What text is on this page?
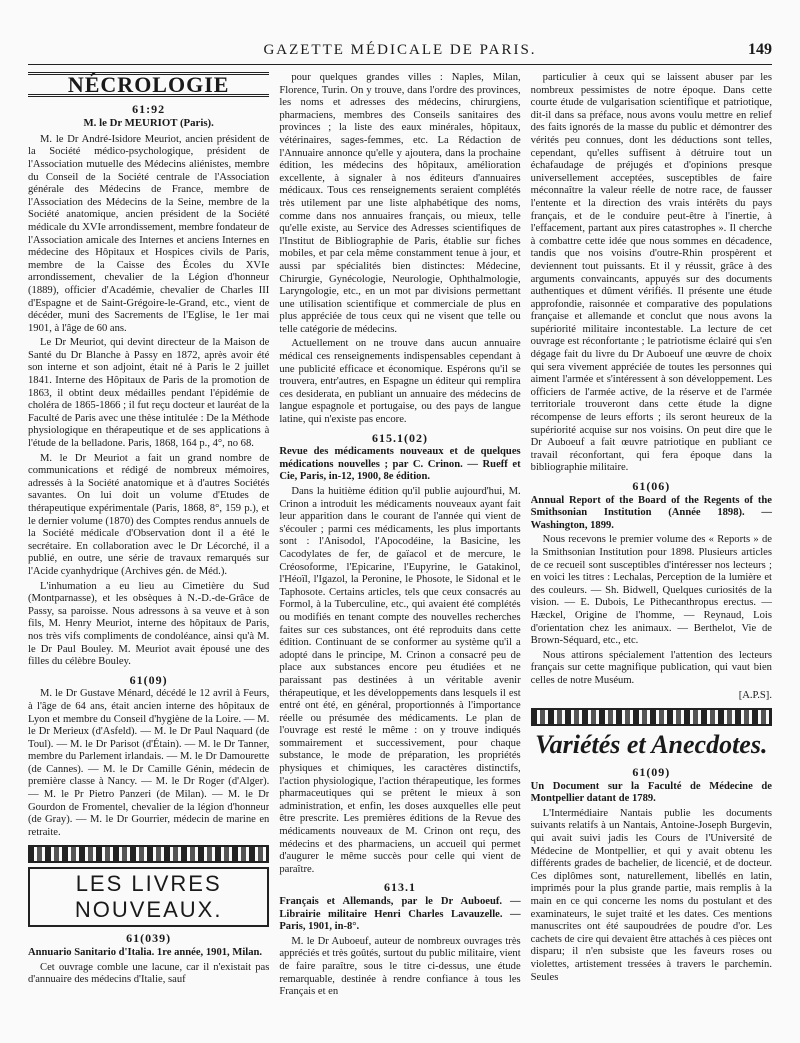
GAZETTE MÉDICALE DE PARIS.	149
NÉCROLOGIE
61:92
M. le Dr MEURIOT (Paris).

M. le Dr André-Isidore Meuriot, ancien président de la Société médico-psychologique, président de l'Association mutuelle des Médecins aliénistes, membre du Conseil de la Société centrale de l'Association générale des Médecins de France, membre de l'Association des Médecins de la Seine, membre de la Société anatomique, ancien président de la Société médicale du XVIe arrondissement, membre fondateur de l'Association amicale des Internes et anciens Internes en médecine des Hôpitaux et Hospices civils de Paris, membre de la Caisse des Écoles du XVIe arrondissement, chevalier de la Légion d'honneur (1889), officier d'Académie, chevalier de Charles III d'Espagne et de Saint-Grégoire-le-Grand, etc., vient de décéder, muni des Sacrements de l'Eglise, le 1er mai 1901, à l'âge de 60 ans.

Le Dr Meuriot, qui devint directeur de la Maison de Santé du Dr Blanche à Passy en 1872, après avoir été son interne et son adjoint, était né à Paris le 2 juillet 1841. Interne des Hôpitaux de Paris de la promotion de 1863, il obtint deux médailles pendant l'épidémie de choléra de 1865-1866 ; il fut reçu docteur et lauréat de la Faculté de Paris avec une thèse intitulée : De la Méthode physiologique en thérapeutique et de ses applications à l'étude de la belladone. Paris, 1868, 164 p., 4°, no 68.

M. le Dr Meuriot a fait un grand nombre de communications et rédigé de nombreux mémoires, adressés à la Société anatomique et à d'autres Sociétés savantes. On lui doit un volume d'Etudes de thérapeutique expérimentale (Paris, 1868, 8°, 159 p.), et le dernier volume (1870) des Comptes rendus annuels de la Société médicale d'Observation dont il a été le secrétaire. En collaboration avec le Dr Lécorché, il a publié, en outre, une série de travaux remarqués sur l'Acide cyanhydrique (Archives gén. de Méd.).

L'inhumation a eu lieu au Cimetière du Sud (Montparnasse), et les obsèques à N.-D.-de-Grâce de Passy, sa paroisse. Nous adressons à sa veuve et à son fils, M. Henry Meuriot, interne des hôpitaux de Paris, nos très vifs compliments de condoléance, ainsi qu'à M. le Dr Paul Bouley. M. Meuriot avait épousé une des filles du célèbre Bouley.

61(09)

M. le Dr Gustave Ménard, décédé le 12 avril à Feurs, à l'âge de 64 ans, était ancien interne des hôpitaux de Lyon et membre du Conseil d'hygiène de la Loire. — M. le Dr Merieux (d'Asfeld). — M. le Dr Paul Naquard (de Toul). — M. le Dr Parisot (d'Étain). — M. le Dr Tanner, membre du Parlement irlandais. — M. le Dr Damourette (de Cannes). — M. le Dr Camille Génin, médecin de première classe à Nancy. — M. le Dr Roger (d'Alger). — M. le Pr Pietro Panzeri (de Milan). — M. le Dr Gourdon de Fromentel, chevalier de la légion d'honneur (de Gray). — M. le Dr Gourrier, médecin de marine en retraite.

LES LIVRES NOUVEAUX.
61(039)

Annuario Sanitario d'Italia. 1re année, 1901, Milan.

Cet ouvrage comble une lacune, car il n'existait pas d'annuaire des médecins d'Italie, sauf

pour quelques grandes villes : Naples, Milan, Florence, Turin. On y trouve, dans l'ordre des provinces, les noms et adresses des médecins, chirurgiens, pharmaciens, membres des Conseils sanitaires des provinces ; la liste des eaux minérales, hôpitaux, vétérinaires, sages-femmes, etc. La Rédaction de l'Annuaire annonce qu'elle y ajoutera, dans la prochaine édition, les médecins des hôpitaux, amélioration excellente, à signaler à nos éditeurs d'annuaires médicaux. Tous ces renseignements seraient complétés très utilement par une liste alphabétique des noms, comme dans nos annuaires français, ou mieux, telle qu'elle existe, au Service des Adresses scientifiques de l'Institut de Bibliographie de Paris, établie sur fiches mobiles, et par cela même constamment tenue à jour, et aussi par spécialités bien distinctes: Médecine, Chirurgie, Gynécologie, Neurologie, Ophthalmologie, Laryngologie, etc., en un mot par divisions permettant une utilisation scientifique et commerciale de plus en plus appréciée de tous ceux qui ne visent que telle ou telle catégorie de médecins.

Actuellement on ne trouve dans aucun annuaire médical ces renseignements indispensables cependant à une publicité efficace et économique. Espérons qu'il se trouvera, entr'autres, en Espagne un éditeur qui remplira ces desiderata, en publiant un annuaire des médecins de langue espagnole et portugaise, ou des pays de langue latine, qui n'existe pas encore.

615.1(02)

Revue des médicaments nouveaux et de quelques médications nouvelles ; par C. Crinon. — Rueff et Cie, Paris, in-12, 1900, 8e édition.

Dans la huitième édition qu'il publie aujourd'hui, M. Crinon a introduit les médicaments nouveaux ayant fait leur apparition dans le courant de l'année qui vient de s'écouler ; parmi ces médicaments, les plus importants sont : l'Anisodol, l'Apocodéine, la Basicine, les Cacodylates de fer, de gaïacol et de mercure, le Créosoforme, l'Epicarine, l'Eupyrine, le Gatakinol, l'Héoïl, l'Igazol, la Peronine, le Phosote, le Sidonal et le Taphosote. Certains articles, tels que ceux consacrés au Formol, à la Tuberculine, etc., qui avaient été complétés ou modifiés en tenant compte des nouvelles recherches faites sur ces substances, ont été reproduits dans cette édition. Continuant de se conformer au système qu'il a adopté dans le principe, M. Crinon a consacré peu de place aux substances encore peu étudiées et ne paraissant pas destinées à un véritable avenir thérapeutique, et les développements dans lesquels il est entré ont été, en général, proportionnés à l'importance réelle ou présumée des médicaments. Le plan de l'ouvrage est resté le même : on y trouve indiqués sommairement et successivement, pour chaque substance, le mode de préparation, les propriétés physiques et chimiques, les caractères distinctifs, l'action physiologique, l'action thérapeutique, les formes pharmaceutiques qui se prêtent le mieux à son administration, et enfin, les doses auxquelles elle peut être prescrite. Les premières éditions de la Revue des médicaments nouveaux de M. Crinon ont reçu, des médecins et des pharmaciens, un accueil qui permet d'augurer le même succès pour celle qui vient de paraître.

613.1

Français et Allemands, par le Dr Auboeuf. — Librairie militaire Henri Charles Lavauzelle. — Paris, 1901, in-8°.

M. le Dr Auboeuf, auteur de nombreux ouvrages très appréciés et très goûtés, surtout du public militaire, vient de faire paraître, sous le titre ci-dessus, une étude remarquable, destinée à rendre confiance à tous les Français et en

particulier à ceux qui se laissent abuser par les nombreux pessimistes de notre époque. Dans cette courte étude de vulgarisation scientifique et patriotique, dit-il dans sa préface, nous avons voulu mettre en relief des faits ignorés de la masse du public et démontrer des vérités peu connues, dont les déductions sont telles, cependant, qu'elles suffisent à détruire tout un échafaudage de préjugés et d'opinions presque universellement acceptées, susceptibles de faire méconnaître la valeur réelle de notre race, de fausser l'entente et la direction des vrais intérêts du pays français, et de le conduire peut-être à l'inertie, à l'effacement, partant aux pires catastrophes ». Il cherche à combattre cette idée que nous sommes en décadence, tandis que nos voisins d'outre-Rhin prospèrent et deviennent tout puissants. Et il y réussit, grâce à des arguments convaincants, appuyés sur des documents authentiques et dûment vérifiés. Il présente une étude approfondie, raisonnée et comparative des populations française et allemande et conclut que nous avons la supériorité militaire incontestable. La lecture de cet ouvrage est réconfortante ; le patriotisme éclairé qui s'en dégage fait du livre du Dr Auboeuf une œuvre de choix qui sera vivement appréciée de toutes les personnes qui aiment l'armée et s'intéressent à son développement. Les officiers de l'armée active, de la réserve et de l'armée territoriale trouveront dans cette étude la digne récompense de leurs efforts ; ils seront heureux de la supériorité acquise sur nos voisins. On peut dire que le Dr Auboeuf a fait œuvre patriotique en publiant ce travail réconfortant, qui fera époque dans la bibliographie militaire.

61(06)

Annual Report of the Board of the Regents of the Smithsonian Institution (Année 1898). — Washington, 1899.

Nous recevons le premier volume des « Reports » de la Smithsonian Institution pour 1898. Plusieurs articles de ce recueil sont susceptibles d'intéresser nos lecteurs ; en voici les titres : Lechalas, Perception de la lumière et des couleurs. — Sh. Bidwell, Quelques curiosités de la vision. — E. Dubois, Le Pithecanthropus erectus. — Hæckel, Origine de l'homme, — Reynaud, Lois d'orientation chez les animaux. — Berthelot, Vie de Brown-Séquard, etc., etc.

Nous attirons spécialement l'attention des lecteurs français sur cette magnifique publication, qui vaut bien celles de notre Muséum.

[A.P.S].
Variétés et Anecdotes.
61(09)

Un Document sur la Faculté de Médecine de Montpellier datant de 1789.

L'Intermédiaire Nantais publie les documents suivants relatifs à un Nantais, Antoine-Joseph Burgevin, qui avait suivi jadis les Cours de l'Université de Médecine de Montpellier, et qui y avait obtenu les différents grades de bachelier, de licencié, et de docteur. Ces diplômes sont, naturellement, libellés en latin, imprimés pour la plus grande partie, mais remplis à la main en ce qui concerne les noms du postulant et des examinateurs, le sujet traité et les dates. Ces mentions manuscrites ont été saupoudrées de poudre d'or. Les cachets de cire qui devaient être attachés à ces pièces ont disparu; il n'en subsiste que les faveurs roses ou violettes, artistement tressées à travers le parchemin. Seules
